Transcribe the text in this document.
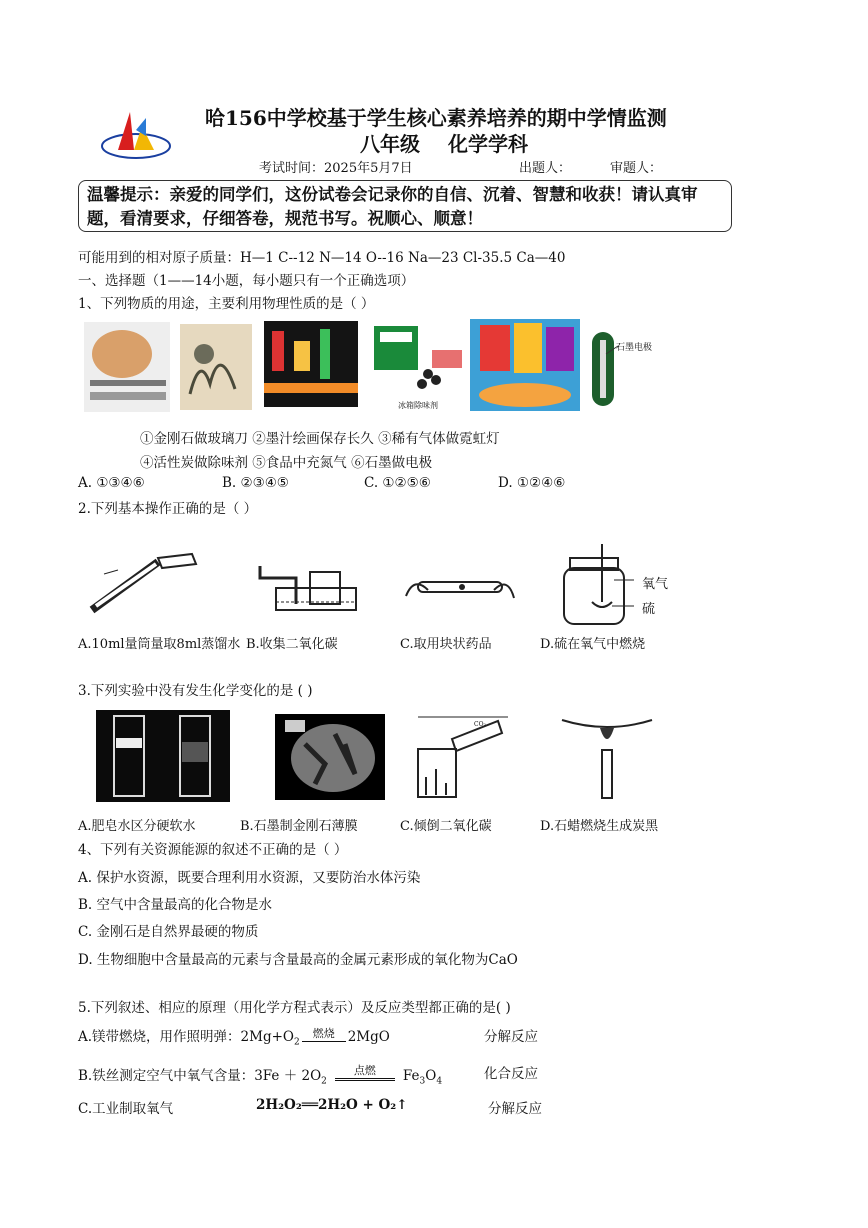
哈156中学校基于学生核心素养培养的期中学情监测
八年级 化学学科
考试时间：2025年5月7日	出题人：	审题人：
温馨提示：亲爱的同学们，这份试卷会记录你的自信、沉着、智慧和收获！请认真审题，看清要求，仔细答卷，规范书写。祝顺心、顺意！
可能用到的相对原子质量：H—1 C--12 N—14 O--16 Na—23 Cl-35.5 Ca—40
一、选择题（1——14小题，每小题只有一个正确选项）
1、下列物质的用途，主要利用物理性质的是（ ）
冰箱除味剂
石墨电极
①金刚石做玻璃刀 ②墨汁绘画保存长久 ③稀有气体做霓虹灯
④活性炭做除味剂 ⑤食品中充氮气 ⑥石墨做电极
A. ①③④⑥	B. ②③④⑤	C. ①②⑤⑥	D. ①②④⑥
2.下列基本操作正确的是（ ）
氧气
硫
A.10ml量筒量取8ml蒸馏水 B.收集二氧化碳	C.取用块状药品	D.硫在氧气中燃烧
3.下列实验中没有发生化学变化的是 ( )
CO₂
A.肥皂水区分硬软水	B.石墨制金刚石薄膜	C.倾倒二氧化碳	D.石蜡燃烧生成炭黑
4、下列有关资源能源的叙述不正确的是（ ）
A. 保护水资源，既要合理利用水资源，又要防治水体污染
B. 空气中含量最高的化合物是水
C. 金刚石是自然界最硬的物质
D. 生物细胞中含量最高的元素与含量最高的金属元素形成的氧化物为CaO
5.下列叙述、相应的原理（用化学方程式表示）及反应类型都正确的是( )
A.镁带燃烧，用作照明弹：$2Mg+O_2$燃烧 2MgO	分解反应
B.铁丝测定空气中氧气含量：$3Fe + 2O_2$点燃 $Fe_3O_4$	化合反应
C.工业制取氧气	2H₂O₂══2H₂O + O₂↑	分解反应
